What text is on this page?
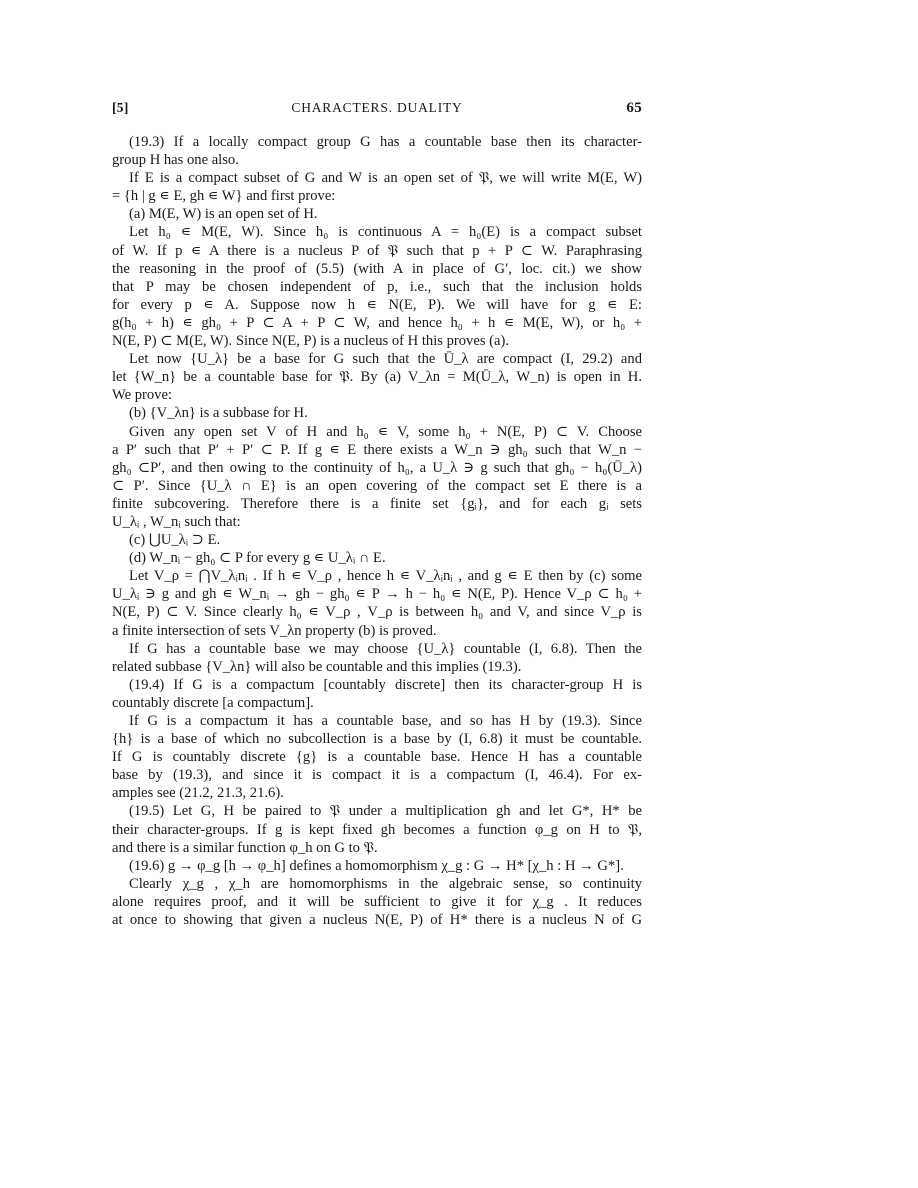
[5]	CHARACTERS. DUALITY	65
(19.3) If a locally compact group G has a countable base then its character-
group H has one also.
If E is a compact subset of G and W is an open set of 𝔓, we will write M(E, W)
= {h | g ∊ E, gh ∊ W} and first prove:
(a) M(E, W) is an open set of H.
Let h₀ ∊ M(E, W). Since h₀ is continuous A = h₀(E) is a compact subset
of W. If p ∊ A there is a nucleus P of 𝔓 such that p + P ⊂ W. Paraphrasing
the reasoning in the proof of (5.5) (with A in place of G′, loc. cit.) we show
that P may be chosen independent of p, i.e., such that the inclusion holds
for every p ∊ A. Suppose now h ∊ N(E, P). We will have for g ∊ E:
g(h₀ + h) ∊ gh₀ + P ⊂ A + P ⊂ W, and hence h₀ + h ∊ M(E, W), or h₀ +
N(E, P) ⊂ M(E, W). Since N(E, P) is a nucleus of H this proves (a).
Let now {U_λ} be a base for G such that the Ū_λ are compact (I, 29.2) and
let {W_n} be a countable base for 𝔓. By (a) V_λn = M(Ū_λ, W_n) is open in H.
We prove:
(b) {V_λn} is a subbase for H.
Given any open set V of H and h₀ ∊ V, some h₀ + N(E, P) ⊂ V. Choose
a P′ such that P′ + P′ ⊂ P. If g ∊ E there exists a W_n ∋ gh₀ such that W_n −
gh₀ ⊂P′, and then owing to the continuity of h₀, a U_λ ∋ g such that gh₀ − h₀(Ū_λ)
⊂ P′. Since {U_λ ∩ E} is an open covering of the compact set E there is a
finite subcovering. Therefore there is a finite set {gᵢ}, and for each gᵢ sets
U_λᵢ , W_nᵢ such that:
(c) ⋃U_λᵢ ⊃ E.
(d) W_nᵢ − gh₀ ⊂ P for every g ∊ U_λᵢ ∩ E.
Let V_ρ = ⋂V_λᵢnᵢ . If h ∊ V_ρ , hence h ∊ V_λᵢnᵢ , and g ∊ E then by (c) some
U_λᵢ ∋ g and gh ∊ W_nᵢ → gh − gh₀ ∊ P → h − h₀ ∊ N(E, P). Hence V_ρ ⊂ h₀ +
N(E, P) ⊂ V. Since clearly h₀ ∊ V_ρ , V_ρ is between h₀ and V, and since V_ρ is
a finite intersection of sets V_λn property (b) is proved.
If G has a countable base we may choose {U_λ} countable (I, 6.8). Then the
related subbase {V_λn} will also be countable and this implies (19.3).
(19.4) If G is a compactum [countably discrete] then its character-group H is
countably discrete [a compactum].
If G is a compactum it has a countable base, and so has H by (19.3). Since
{h} is a base of which no subcollection is a base by (I, 6.8) it must be countable.
If G is countably discrete {g} is a countable base. Hence H has a countable
base by (19.3), and since it is compact it is a compactum (I, 46.4). For ex-
amples see (21.2, 21.3, 21.6).
(19.5) Let G, H be paired to 𝔓 under a multiplication gh and let G*, H* be
their character-groups. If g is kept fixed gh becomes a function φ_g on H to 𝔓,
and there is a similar function φ_h on G to 𝔓.
(19.6) g → φ_g [h → φ_h] defines a homomorphism χ_g : G → H* [χ_h : H → G*].
Clearly χ_g , χ_h are homomorphisms in the algebraic sense, so continuity
alone requires proof, and it will be sufficient to give it for χ_g . It reduces
at once to showing that given a nucleus N(E, P) of H* there is a nucleus N of G
